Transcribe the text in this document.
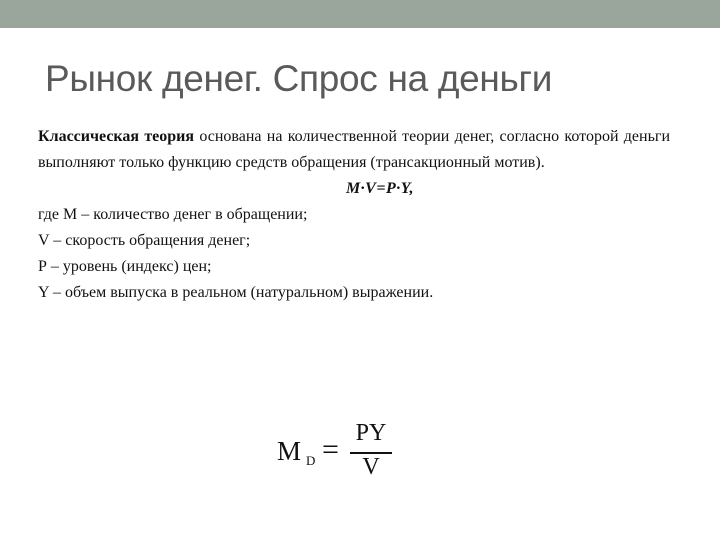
Рынок денег. Спрос на деньги

Классическая теория основана на количественной теории денег, согласно которой деньги выполняют только функцию средств обращения (трансакционный мотив).

M·V=P·Y,

где М – количество денег в обращении;

V – скорость обращения денег;

Р – уровень (индекс) цен;

Y – объем выпуска в реальном (натуральном) выражении.

M D = PY
V
